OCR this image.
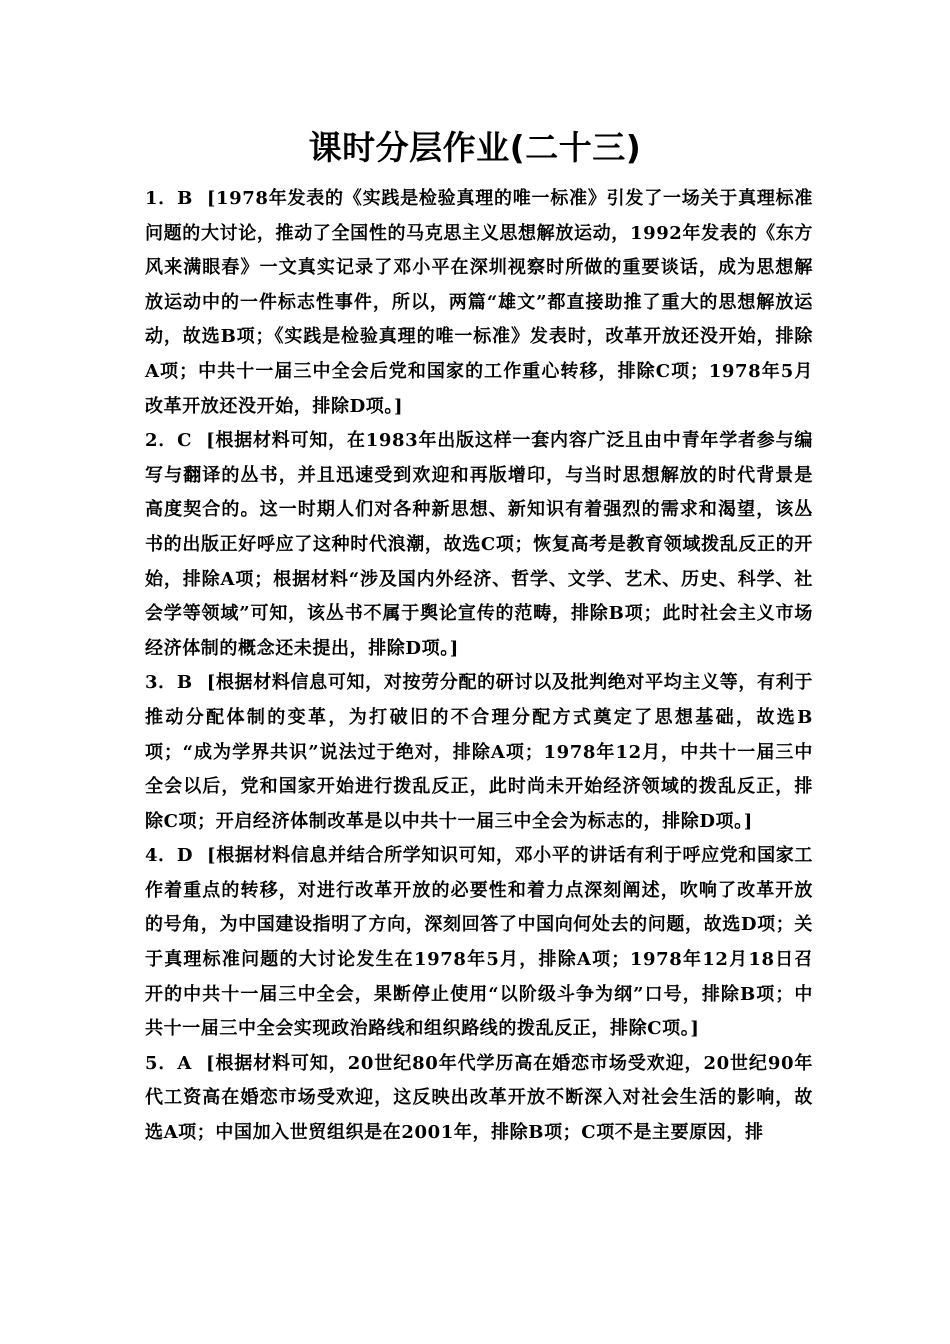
课时分层作业(二十三)

1．B [1978年发表的《实践是检验真理的唯一标准》引发了一场关于真理标准问题的大讨论，推动了全国性的马克思主义思想解放运动，1992年发表的《东方风来满眼春》一文真实记录了邓小平在深圳视察时所做的重要谈话，成为思想解放运动中的一件标志性事件，所以，两篇“雄文”都直接助推了重大的思想解放运动，故选B项；《实践是检验真理的唯一标准》发表时，改革开放还没开始，排除A项；中共十一届三中全会后党和国家的工作重心转移，排除C项；1978年5月改革开放还没开始，排除D项。]

2．C [根据材料可知，在1983年出版这样一套内容广泛且由中青年学者参与编写与翻译的丛书，并且迅速受到欢迎和再版增印，与当时思想解放的时代背景是高度契合的。这一时期人们对各种新思想、新知识有着强烈的需求和渴望，该丛书的出版正好呼应了这种时代浪潮，故选C项；恢复高考是教育领域拨乱反正的开始，排除A项；根据材料“涉及国内外经济、哲学、文学、艺术、历史、科学、社会学等领域”可知，该丛书不属于舆论宣传的范畴，排除B项；此时社会主义市场经济体制的概念还未提出，排除D项。]

3．B [根据材料信息可知，对按劳分配的研讨以及批判绝对平均主义等，有利于推动分配体制的变革，为打破旧的不合理分配方式奠定了思想基础，故选B项；“成为学界共识”说法过于绝对，排除A项；1978年12月，中共十一届三中全会以后，党和国家开始进行拨乱反正，此时尚未开始经济领域的拨乱反正，排除C项；开启经济体制改革是以中共十一届三中全会为标志的，排除D项。]

4．D [根据材料信息并结合所学知识可知，邓小平的讲话有利于呼应党和国家工作着重点的转移，对进行改革开放的必要性和着力点深刻阐述，吹响了改革开放的号角，为中国建设指明了方向，深刻回答了中国向何处去的问题，故选D项；关于真理标准问题的大讨论发生在1978年5月，排除A项；1978年12月18日召开的中共十一届三中全会，果断停止使用“以阶级斗争为纲”口号，排除B项；中共十一届三中全会实现政治路线和组织路线的拨乱反正，排除C项。]

5．A [根据材料可知，20世纪80年代学历高在婚恋市场受欢迎，20世纪90年代工资高在婚恋市场受欢迎，这反映出改革开放不断深入对社会生活的影响，故选A项；中国加入世贸组织是在2001年，排除B项；C项不是主要原因，排
